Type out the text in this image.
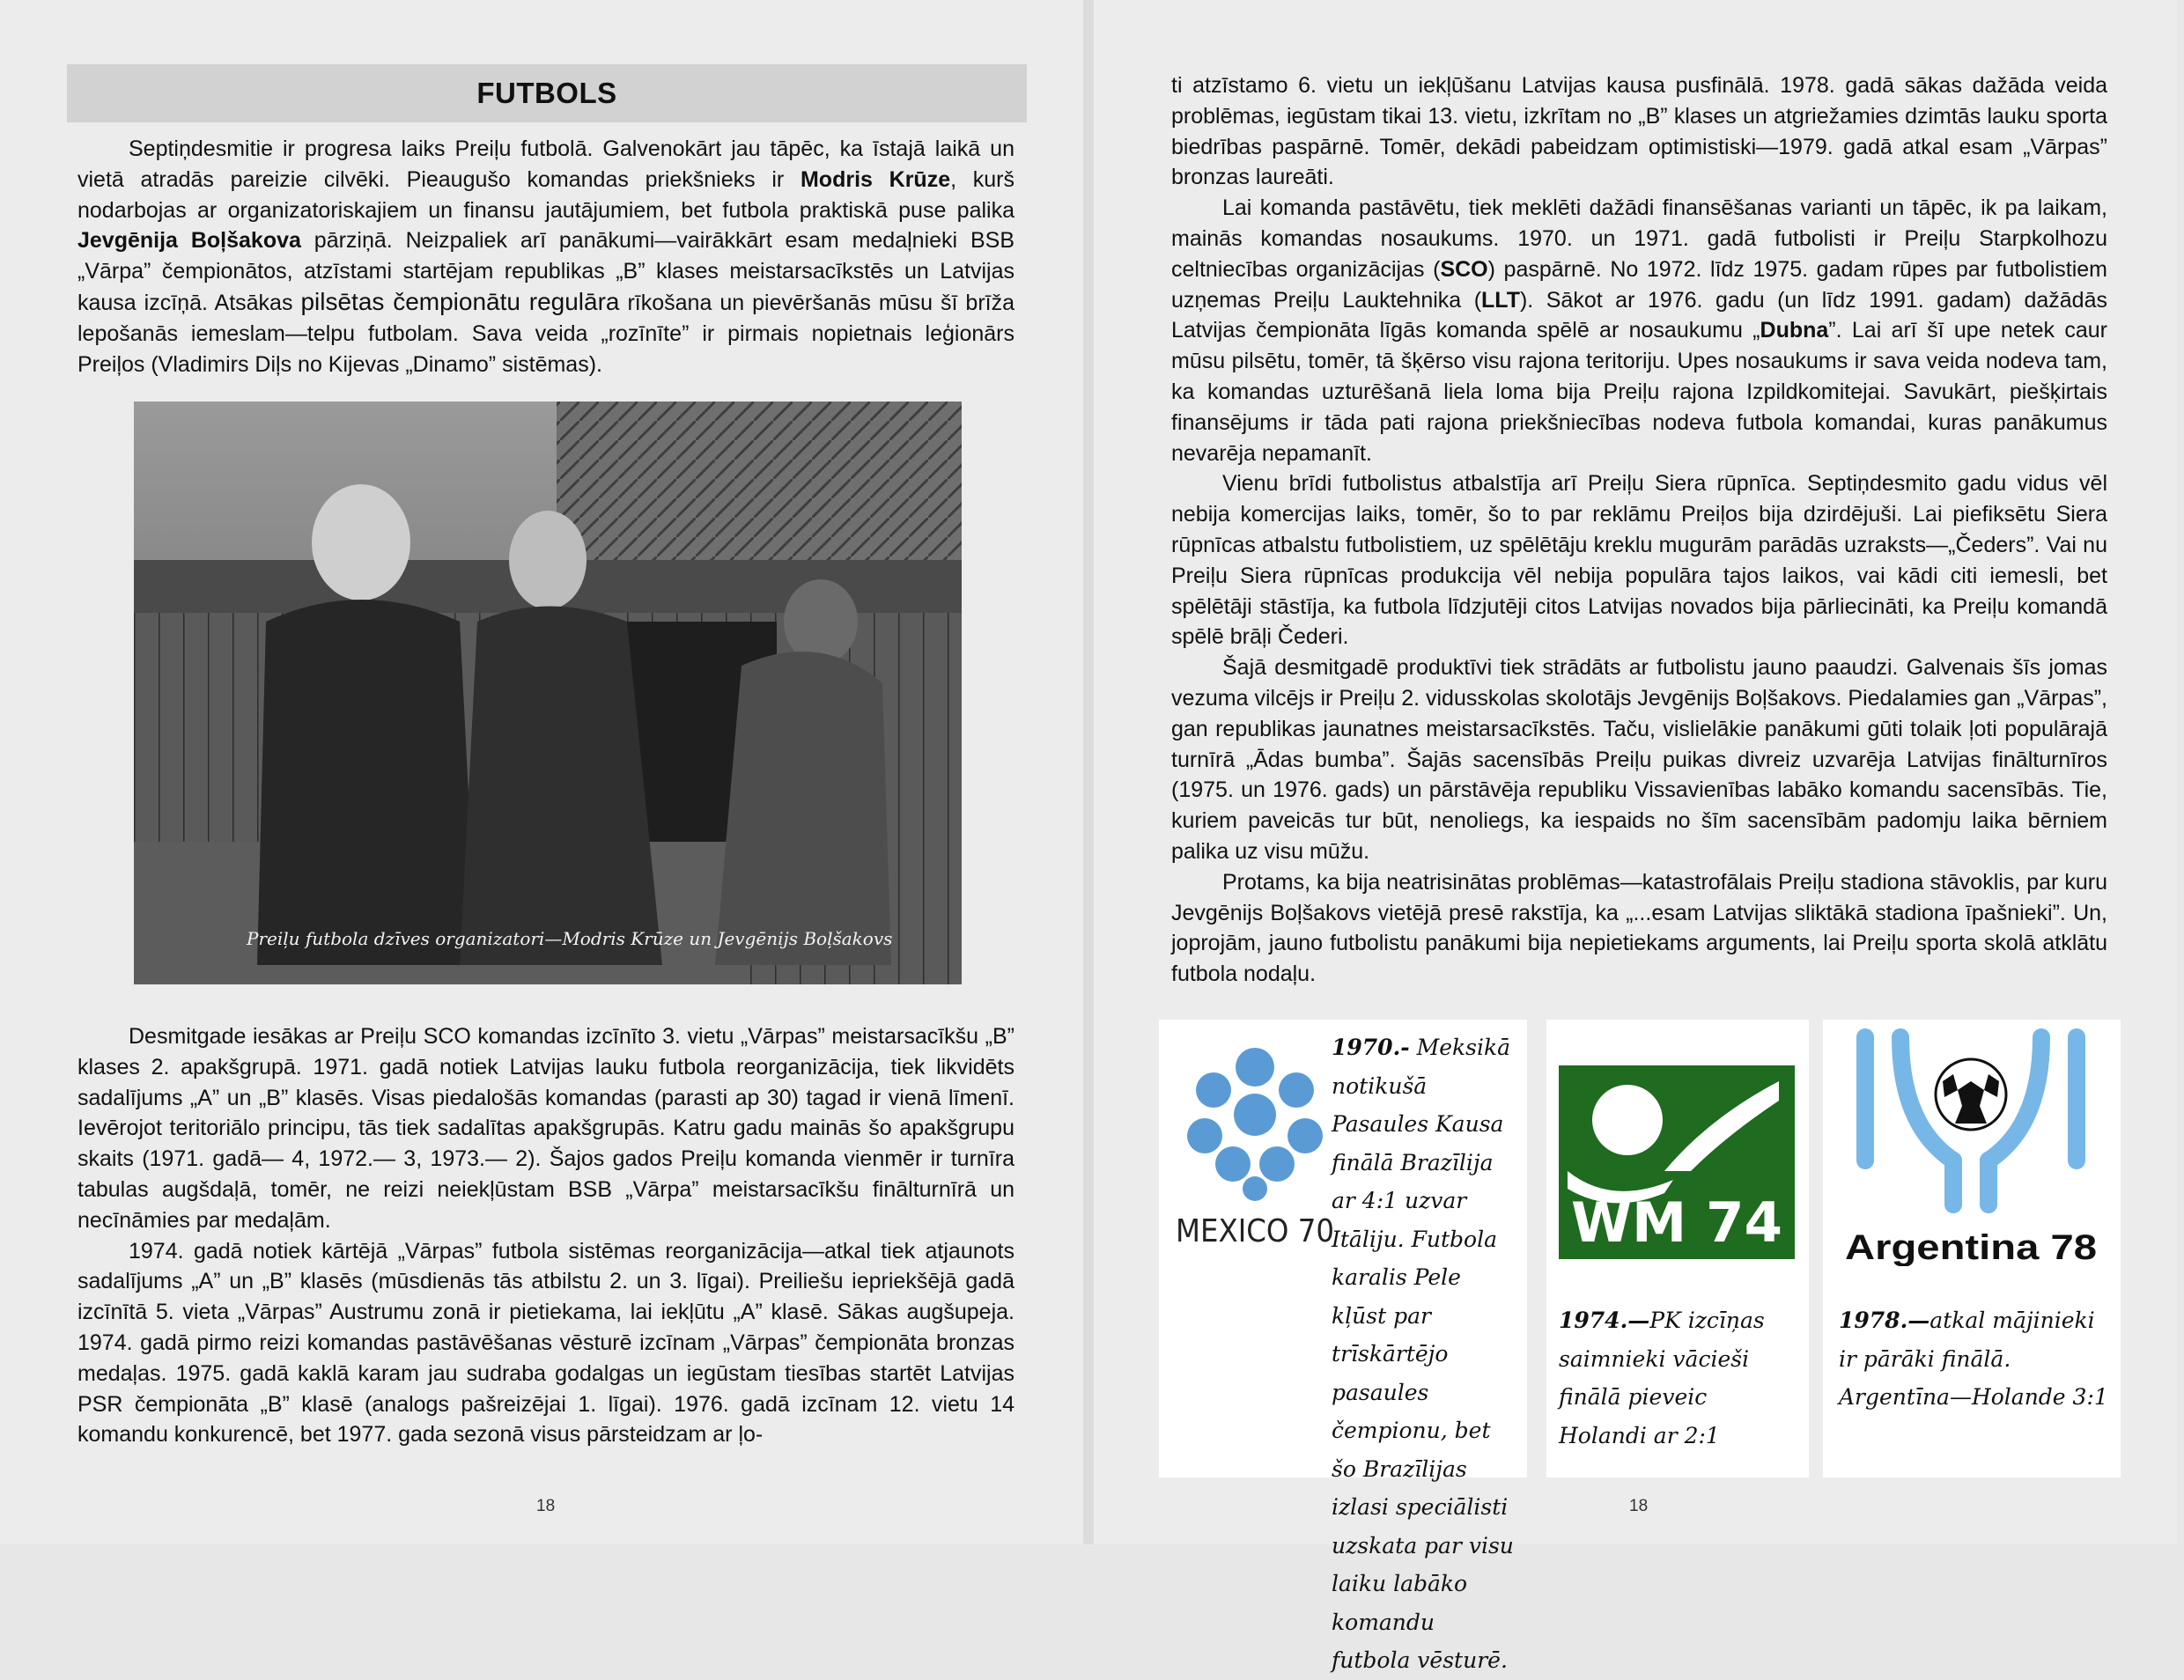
FUTBOLS

Septiņdesmitie ir progresa laiks Preiļu futbolā. Galvenokārt jau tāpēc, ka īstajā laikā un vietā atradās pareizie cilvēki. Pieaugušo komandas priekšnieks ir Modris Krūze, kurš nodarbojas ar organizatoriskajiem un finansu jautājumiem, bet futbola praktiskā puse palika Jevgēnija Boļšakova pārziņā. Neizpaliek arī panākumi—vairākkārt esam medaļnieki BSB „Vārpa” čempionātos, atzīstami startējam republikas „B” klases meistarsacīkstēs un Latvijas kausa izcīņā. Atsākas pilsētas čempionātu regulāra rīkošana un pievēršanās mūsu šī brīža lepošanās iemeslam—telpu futbolam. Sava veida „rozīnīte” ir pirmais nopietnais leģionārs Preiļos (Vladimirs Diļs no Kijevas „Dinamo” sistēmas).

Preiļu futbola dzīves organizatori—Modris Krūze un Jevgēnijs Boļšakovs

Desmitgade iesākas ar Preiļu SCO komandas izcīnīto 3. vietu „Vārpas” meistarsacīkšu „B” klases 2. apakšgrupā. 1971. gadā notiek Latvijas lauku futbola reorganizācija, tiek likvidēts sadalījums „A” un „B” klasēs. Visas piedalošās komandas (parasti ap 30) tagad ir vienā līmenī. Ievērojot teritoriālo principu, tās tiek sadalītas apakšgrupās. Katru gadu mainās šo apakšgrupu skaits (1971. gadā— 4, 1972.— 3, 1973.— 2). Šajos gados Preiļu komanda vienmēr ir turnīra tabulas augšdaļā, tomēr, ne reizi neiekļūstam BSB „Vārpa” meistarsacīkšu finālturnīrā un necīnāmies par medaļām.

1974. gadā notiek kārtējā „Vārpas” futbola sistēmas reorganizācija—atkal tiek atjaunots sadalījums „A” un „B” klasēs (mūsdienās tās atbilstu 2. un 3. līgai). Preiliešu iepriekšējā gadā izcīnītā 5. vieta „Vārpas” Austrumu zonā ir pietiekama, lai iekļūtu „A” klasē. Sākas augšupeja. 1974. gadā pirmo reizi komandas pastāvēšanas vēsturē izcīnam „Vārpas” čempionāta bronzas medaļas. 1975. gadā kaklā karam jau sudraba godalgas un iegūstam tiesības startēt Latvijas PSR čempionāta „B” klasē (analogs pašreizējai 1. līgai). 1976. gadā izcīnam 12. vietu 14 komandu konkurencē, bet 1977. gada sezonā visus pārsteidzam ar ļo-

18

ti atzīstamo 6. vietu un iekļūšanu Latvijas kausa pusfinālā. 1978. gadā sākas dažāda veida problēmas, iegūstam tikai 13. vietu, izkrītam no „B” klases un atgriežamies dzimtās lauku sporta biedrības paspārnē. Tomēr, dekādi pabeidzam optimistiski—1979. gadā atkal esam „Vārpas” bronzas laureāti.

Lai komanda pastāvētu, tiek meklēti dažādi finansēšanas varianti un tāpēc, ik pa laikam, mainās komandas nosaukums. 1970. un 1971. gadā futbolisti ir Preiļu Starpkolhozu celtniecības organizācijas (SCO) paspārnē. No 1972. līdz 1975. gadam rūpes par futbolistiem uzņemas Preiļu Lauktehnika (LLT). Sākot ar 1976. gadu (un līdz 1991. gadam) dažādās Latvijas čempionāta līgās komanda spēlē ar nosaukumu „Dubna”. Lai arī šī upe netek caur mūsu pilsētu, tomēr, tā šķērso visu rajona teritoriju. Upes nosaukums ir sava veida nodeva tam, ka komandas uzturēšanā liela loma bija Preiļu rajona Izpildkomitejai. Savukārt, piešķirtais finansējums ir tāda pati rajona priekšniecības nodeva futbola komandai, kuras panākumus nevarēja nepamanīt.

Vienu brīdi futbolistus atbalstīja arī Preiļu Siera rūpnīca. Septiņdesmito gadu vidus vēl nebija komercijas laiks, tomēr, šo to par reklāmu Preiļos bija dzirdējuši. Lai piefiksētu Siera rūpnīcas atbalstu futbolistiem, uz spēlētāju kreklu mugurām parādās uzraksts—„Čeders”. Vai nu Preiļu Siera rūpnīcas produkcija vēl nebija populāra tajos laikos, vai kādi citi iemesli, bet spēlētāji stāstīja, ka futbola līdzjutēji citos Latvijas novados bija pārliecināti, ka Preiļu komandā spēlē brāļi Čederi.

Šajā desmitgadē produktīvi tiek strādāts ar futbolistu jauno paaudzi. Galvenais šīs jomas vezuma vilcējs ir Preiļu 2. vidusskolas skolotājs Jevgēnijs Boļšakovs. Piedalamies gan „Vārpas”, gan republikas jaunatnes meistarsacīkstēs. Taču, vislielākie panākumi gūti tolaik ļoti populārajā turnīrā „Ādas bumba”. Šajās sacensībās Preiļu puikas divreiz uzvarēja Latvijas finālturnīros (1975. un 1976. gads) un pārstāvēja republiku Vissavienības labāko komandu sacensībās. Tie, kuriem paveicās tur būt, nenoliegs, ka iespaids no šīm sacensībām padomju laika bērniem palika uz visu mūžu.

Protams, ka bija neatrisinātas problēmas—katastrofālais Preiļu stadiona stāvoklis, par kuru Jevgēnijs Boļšakovs vietējā presē rakstīja, ka „...esam Latvijas sliktākā stadiona īpašnieki”. Un, joprojām, jauno futbolistu panākumi bija nepietiekams arguments, lai Preiļu sporta skolā atklātu futbola nodaļu.

MEXICO 70
1970.- Meksikā notikušā Pasaules Kausa finālā Brazīlija ar 4:1 uzvar Itāliju. Futbola karalis Pele kļūst par trīskārtējo pasaules čempionu, bet šo Brazīlijas izlasi speciālisti uzskata par visu laiku labāko komandu futbola vēsturē.
WM 74
1974.—PK izcīņas saimnieki vācieši finālā pieveic Holandi ar 2:1
Argentina 78
1978.—atkal mājinieki ir pārāki finālā. Argentīna—Holande 3:1
18
